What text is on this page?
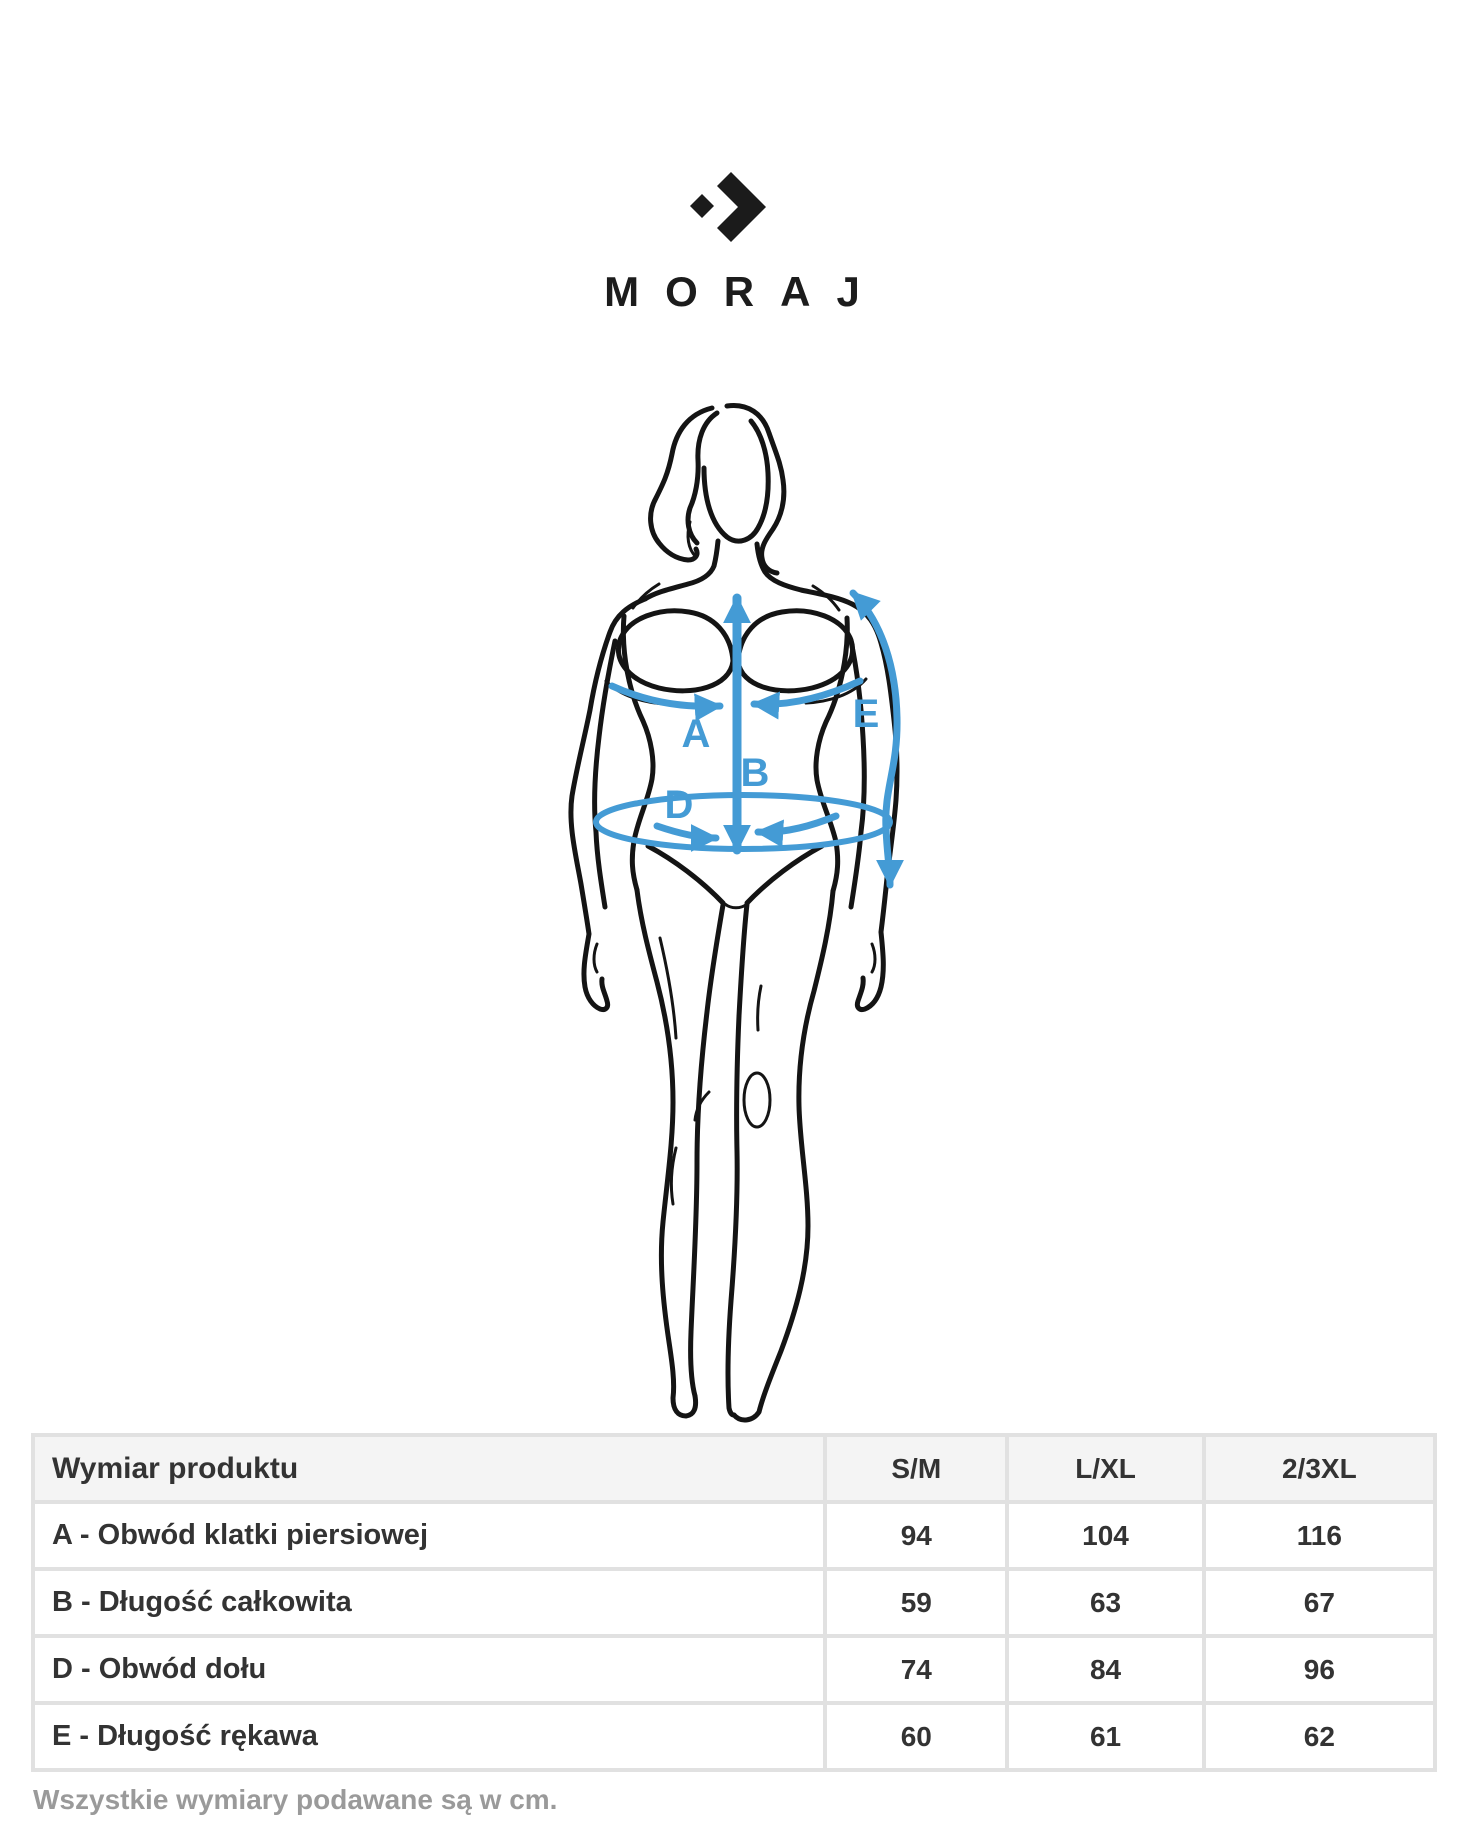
MORAJ
A
B
D
E
Wymiar produktu	S/M	L/XL	2/3XL
A - Obwód klatki piersiowej	94	104	116
B - Długość całkowita	59	63	67
D - Obwód dołu	74	84	96
E - Długość rękawa	60	61	62
Wszystkie wymiary podawane są w cm.
